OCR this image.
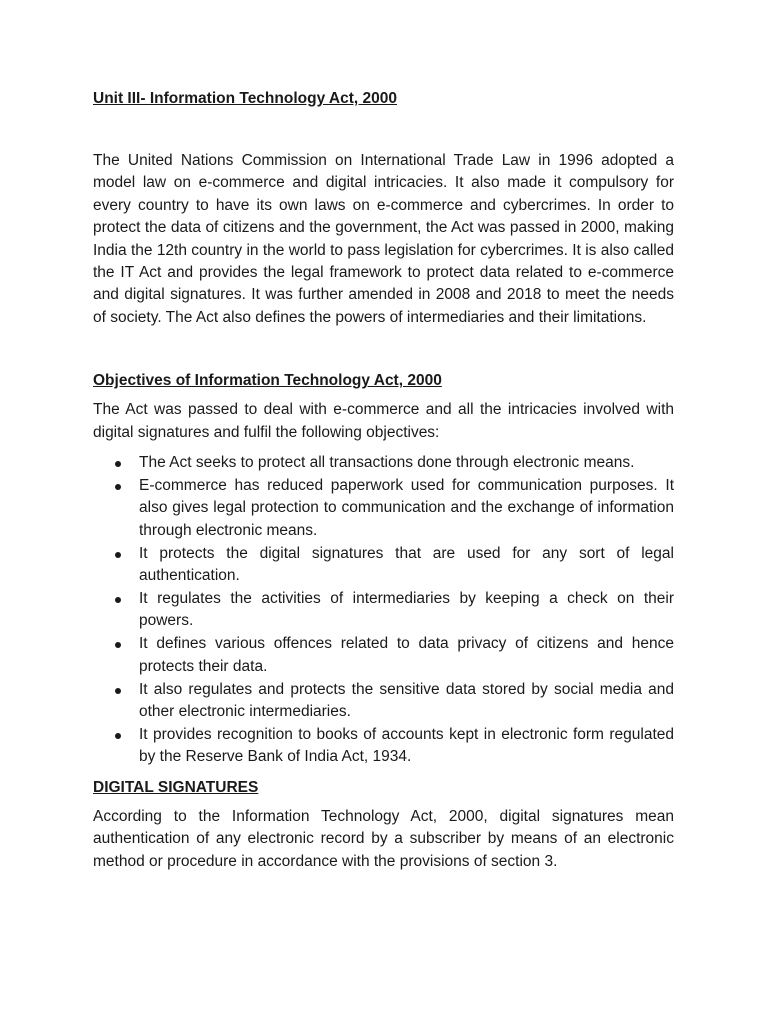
Unit III- Information Technology Act, 2000

The United Nations Commission on International Trade Law in 1996 adopted a model law on e-commerce and digital intricacies. It also made it compulsory for every country to have its own laws on e-commerce and cybercrimes. In order to protect the data of citizens and the government, the Act was passed in 2000, making India the 12th country in the world to pass legislation for cybercrimes. It is also called the IT Act and provides the legal framework to protect data related to e-commerce and digital signatures. It was further amended in 2008 and 2018 to meet the needs of society. The Act also defines the powers of intermediaries and their limitations.

Objectives of Information Technology Act, 2000

The Act was passed to deal with e-commerce and all the intricacies involved with digital signatures and fulfil the following objectives:

The Act seeks to protect all transactions done through electronic means.
E-commerce has reduced paperwork used for communication purposes. It also gives legal protection to communication and the exchange of information through electronic means.
It protects the digital signatures that are used for any sort of legal authentication.
It regulates the activities of intermediaries by keeping a check on their powers.
It defines various offences related to data privacy of citizens and hence protects their data.
It also regulates and protects the sensitive data stored by social media and other electronic intermediaries.
It provides recognition to books of accounts kept in electronic form regulated by the Reserve Bank of India Act, 1934.

DIGITAL SIGNATURES

According to the Information Technology Act, 2000, digital signatures mean authentication of any electronic record by a subscriber by means of an electronic method or procedure in accordance with the provisions of section 3.
